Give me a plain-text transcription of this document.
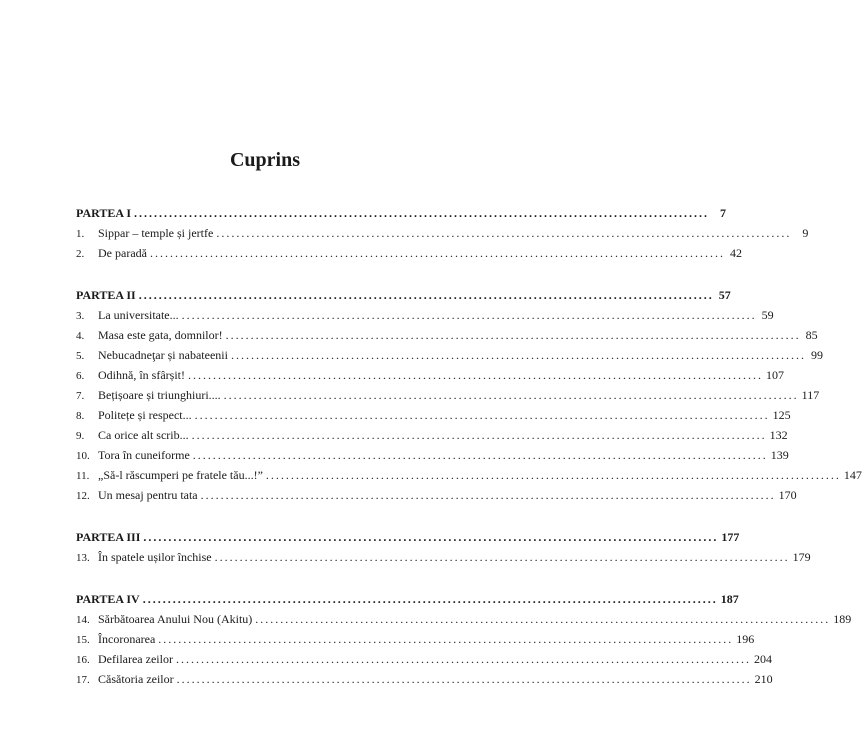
Cuprins
PARTEA I ................................................................................................................... 7
1.	Sippar – temple și jertfe ................................................................................................................... 9
2.	De paradă ................................................................................................................... 42
PARTEA II ................................................................................................................... 57
3.	La universitate... ................................................................................................................... 59
4.	Masa este gata, domnilor! ................................................................................................................... 85
5.	Nebucadneţar și nabateenii ................................................................................................................... 99
6.	Odihnă, în sfârșit! ................................................................................................................... 107
7.	Bețișoare și triunghiuri.... ................................................................................................................... 117
8.	Politețe și respect... ................................................................................................................... 125
9.	Ca orice alt scrib... ................................................................................................................... 132
10. Tora în cuneiforme ................................................................................................................... 139
11. „Să-l răscumperi pe fratele tău...!” ................................................................................................................... 147
12. Un mesaj pentru tata ................................................................................................................... 170
PARTEA III ................................................................................................................... 177
13. În spatele ușilor închise ................................................................................................................... 179
PARTEA IV ................................................................................................................... 187
14. Sărbătoarea Anului Nou (Akitu) ................................................................................................................... 189
15. Încoronarea ................................................................................................................... 196
16. Defilarea zeilor ................................................................................................................... 204
17. Căsătoria zeilor ................................................................................................................... 210
